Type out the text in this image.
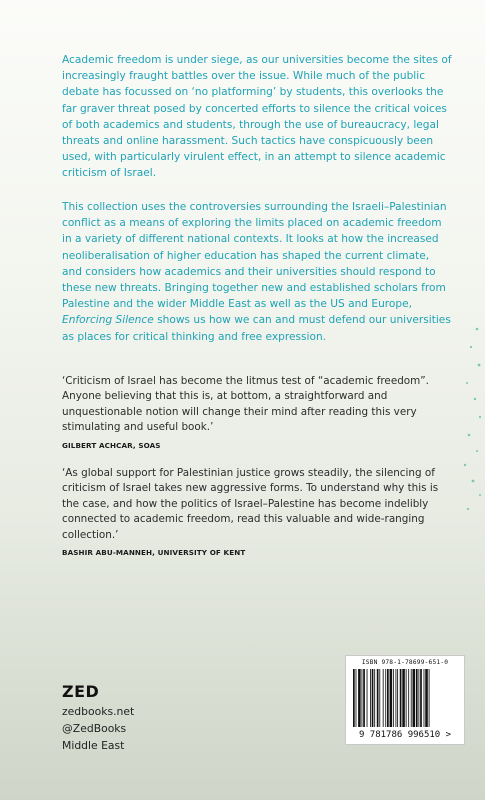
Academic freedom is under siege, as our universities become the sites of increasingly fraught battles over the issue. While much of the public debate has focussed on ‘no platforming’ by students, this overlooks the far graver threat posed by concerted efforts to silence the critical voices of both academics and students, through the use of bureaucracy, legal threats and online harassment. Such tactics have conspicuously been used, with particularly virulent effect, in an attempt to silence academic criticism of Israel.

This collection uses the controversies surrounding the Israeli–Palestinian conflict as a means of exploring the limits placed on academic freedom in a variety of different national contexts. It looks at how the increased neoliberalisation of higher education has shaped the current climate, and considers how academics and their universities should respond to these new threats. Bringing together new and established scholars from Palestine and the wider Middle East as well as the US and Europe, Enforcing Silence shows us how we can and must defend our universities as places for critical thinking and free expression.

‘Criticism of Israel has become the litmus test of “academic freedom”. Anyone believing that this is, at bottom, a straightforward and unquestionable notion will change their mind after reading this very stimulating and useful book.’
GILBERT ACHCAR, SOAS

‘As global support for Palestinian justice grows steadily, the silencing of criticism of Israel takes new aggressive forms. To understand why this is the case, and how the politics of Israel–Palestine has become indelibly connected to academic freedom, read this valuable and wide-ranging collection.’
BASHIR ABU-MANNEH, UNIVERSITY OF KENT

ZED
zedbooks.net
@ZedBooks
Middle East
ISBN 978-1-78699-651-0
9 781786 996510 >
